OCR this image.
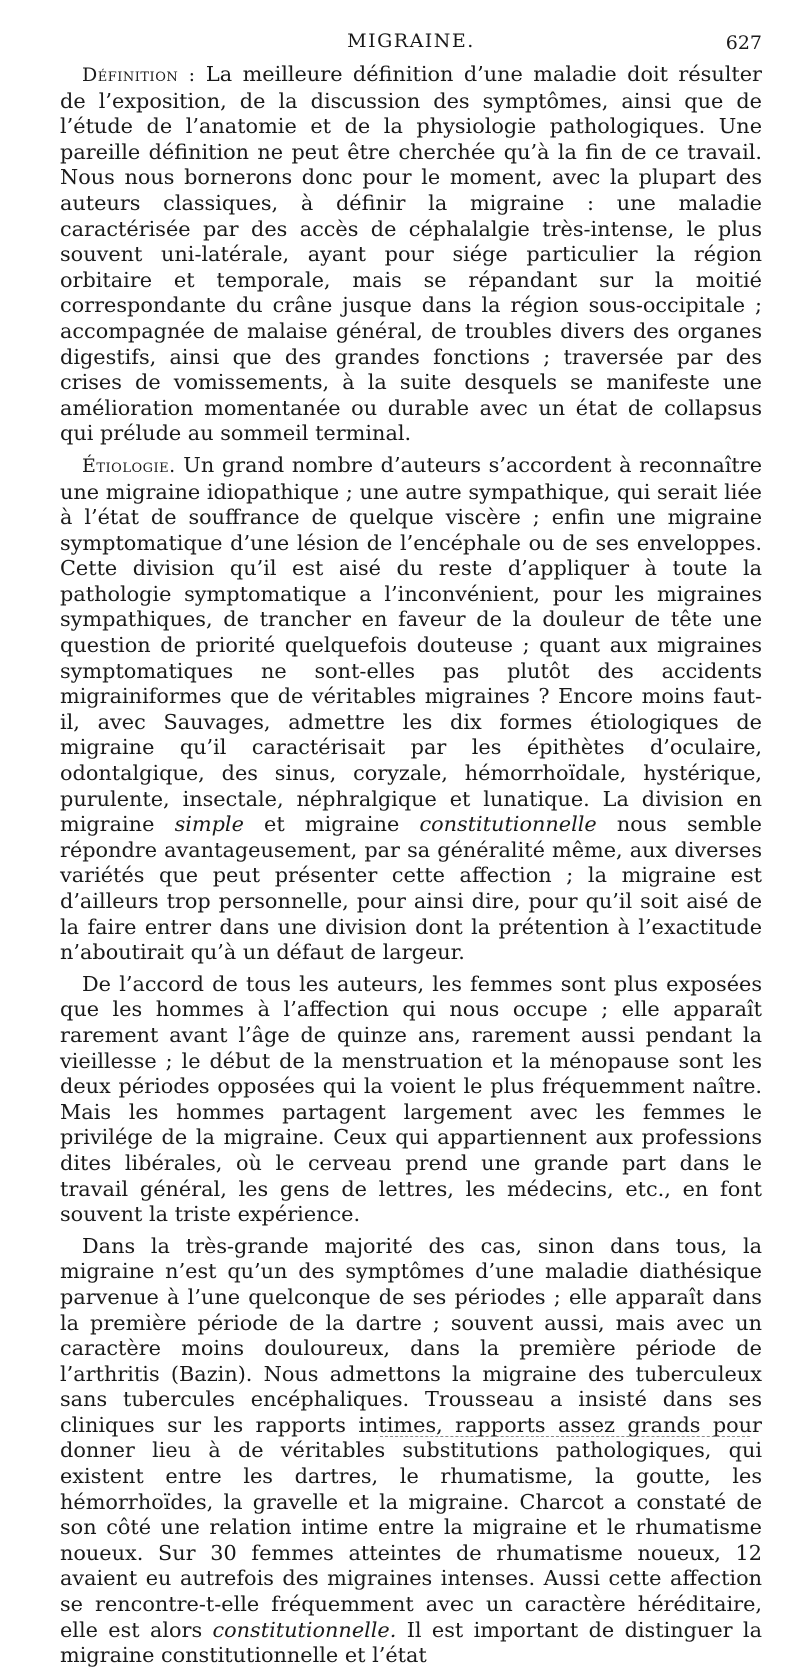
MIGRAINE.	627

Définition : La meilleure définition d’une maladie doit résulter de l’exposition, de la discussion des symptômes, ainsi que de l’étude de l’anatomie et de la physiologie pathologiques. Une pareille définition ne peut être cherchée qu’à la fin de ce travail. Nous nous bornerons donc pour le moment, avec la plupart des auteurs classiques, à définir la migraine : une maladie caractérisée par des accès de céphalalgie très-intense, le plus souvent uni-latérale, ayant pour siége particulier la région orbitaire et temporale, mais se répandant sur la moitié correspondante du crâne jusque dans la région sous-occipitale ; accompagnée de malaise général, de troubles divers des organes digestifs, ainsi que des grandes fonctions ; traversée par des crises de vomissements, à la suite desquels se manifeste une amélioration momentanée ou durable avec un état de collapsus qui prélude au sommeil terminal.

Étiologie. Un grand nombre d’auteurs s’accordent à reconnaître une migraine idiopathique ; une autre sympathique, qui serait liée à l’état de souffrance de quelque viscère ; enfin une migraine symptomatique d’une lésion de l’encéphale ou de ses enveloppes. Cette division qu’il est aisé du reste d’appliquer à toute la pathologie symptomatique a l’inconvénient, pour les migraines sympathiques, de trancher en faveur de la douleur de tête une question de priorité quelquefois douteuse ; quant aux migraines symptomatiques ne sont-elles pas plutôt des accidents migrainiformes que de véritables migraines ? Encore moins faut-il, avec Sauvages, admettre les dix formes étiologiques de migraine qu’il caractérisait par les épithètes d’oculaire, odontalgique, des sinus, coryzale, hémorrhoïdale, hystérique, purulente, insectale, néphralgique et lunatique. La division en migraine simple et migraine constitutionnelle nous semble répondre avantageusement, par sa généralité même, aux diverses variétés que peut présenter cette affection ; la migraine est d’ailleurs trop personnelle, pour ainsi dire, pour qu’il soit aisé de la faire entrer dans une division dont la prétention à l’exactitude n’aboutirait qu’à un défaut de largeur.

De l’accord de tous les auteurs, les femmes sont plus exposées que les hommes à l’affection qui nous occupe ; elle apparaît rarement avant l’âge de quinze ans, rarement aussi pendant la vieillesse ; le début de la menstruation et la ménopause sont les deux périodes opposées qui la voient le plus fréquemment naître. Mais les hommes partagent largement avec les femmes le privilége de la migraine. Ceux qui appartiennent aux professions dites libérales, où le cerveau prend une grande part dans le travail général, les gens de lettres, les médecins, etc., en font souvent la triste expérience.

Dans la très-grande majorité des cas, sinon dans tous, la migraine n’est qu’un des symptômes d’une maladie diathésique parvenue à l’une quelconque de ses périodes ; elle apparaît dans la première période de la dartre ; souvent aussi, mais avec un caractère moins douloureux, dans la première période de l’arthritis (Bazin). Nous admettons la migraine des tuberculeux sans tubercules encéphaliques. Trousseau a insisté dans ses cliniques sur les rapports intimes, rapports assez grands pour donner lieu à de véritables substitutions pathologiques, qui existent entre les dartres, le rhumatisme, la goutte, les hémorrhoïdes, la gravelle et la migraine. Charcot a constaté de son côté une relation intime entre la migraine et le rhumatisme noueux. Sur 30 femmes atteintes de rhumatisme noueux, 12 avaient eu autrefois des migraines intenses. Aussi cette affection se rencontre-t-elle fréquemment avec un caractère héréditaire, elle est alors constitutionnelle. Il est important de distinguer la migraine constitutionnelle et l’état
